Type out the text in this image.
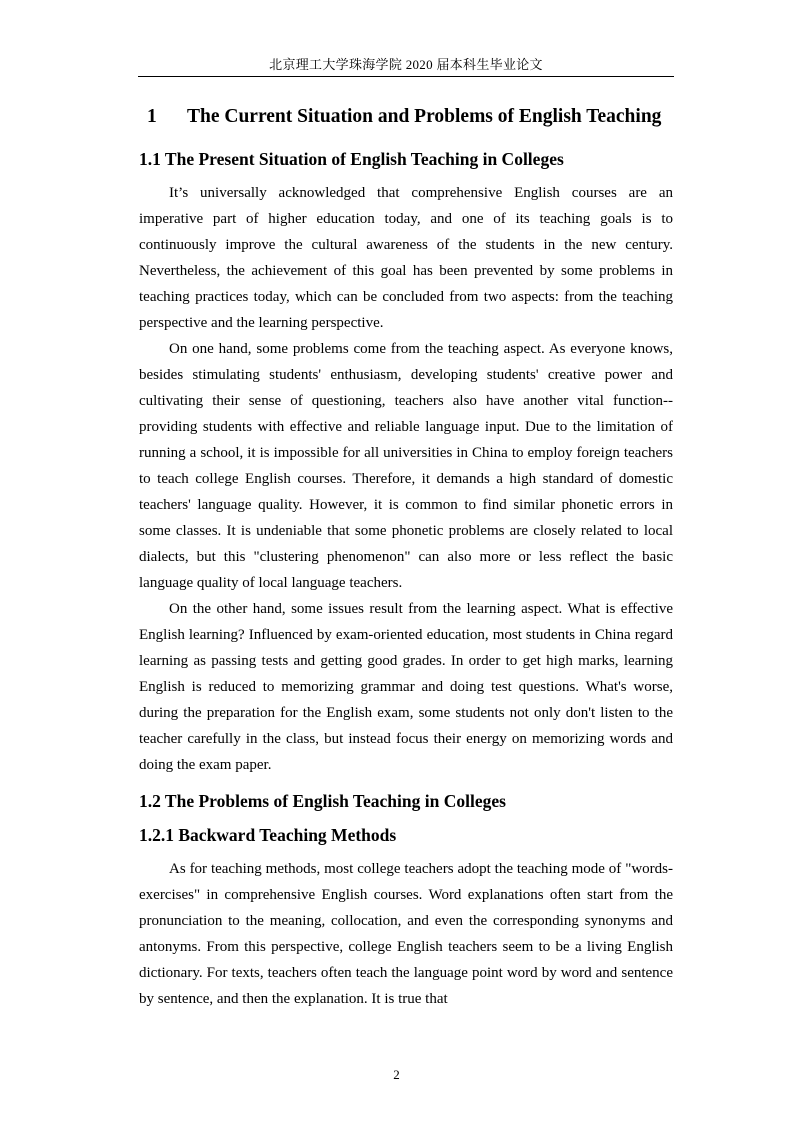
北京理工大学珠海学院 2020 届本科生毕业论文
1	The Current Situation and Problems of English Teaching
1.1 The Present Situation of English Teaching in Colleges

It’s universally acknowledged that comprehensive English courses are an imperative part of higher education today, and one of its teaching goals is to continuously improve the cultural awareness of the students in the new century. Nevertheless, the achievement of this goal has been prevented by some problems in teaching practices today, which can be concluded from two aspects: from the teaching perspective and the learning perspective.

On one hand, some problems come from the teaching aspect. As everyone knows, besides stimulating students' enthusiasm, developing students' creative power and cultivating their sense of questioning, teachers also have another vital function--providing students with effective and reliable language input. Due to the limitation of running a school, it is impossible for all universities in China to employ foreign teachers to teach college English courses. Therefore, it demands a high standard of domestic teachers' language quality. However, it is common to find similar phonetic errors in some classes. It is undeniable that some phonetic problems are closely related to local dialects, but this "clustering phenomenon" can also more or less reflect the basic language quality of local language teachers.

On the other hand, some issues result from the learning aspect. What is effective English learning? Influenced by exam-oriented education, most students in China regard learning as passing tests and getting good grades. In order to get high marks, learning English is reduced to memorizing grammar and doing test questions. What's worse, during the preparation for the English exam, some students not only don't listen to the teacher carefully in the class, but instead focus their energy on memorizing words and doing the exam paper.

1.2 The Problems of English Teaching in Colleges
1.2.1 Backward Teaching Methods

As for teaching methods, most college teachers adopt the teaching mode of "words-exercises" in comprehensive English courses. Word explanations often start from the pronunciation to the meaning, collocation, and even the corresponding synonyms and antonyms. From this perspective, college English teachers seem to be a living English dictionary. For texts, teachers often teach the language point word by word and sentence by sentence, and then the explanation. It is true that

2
